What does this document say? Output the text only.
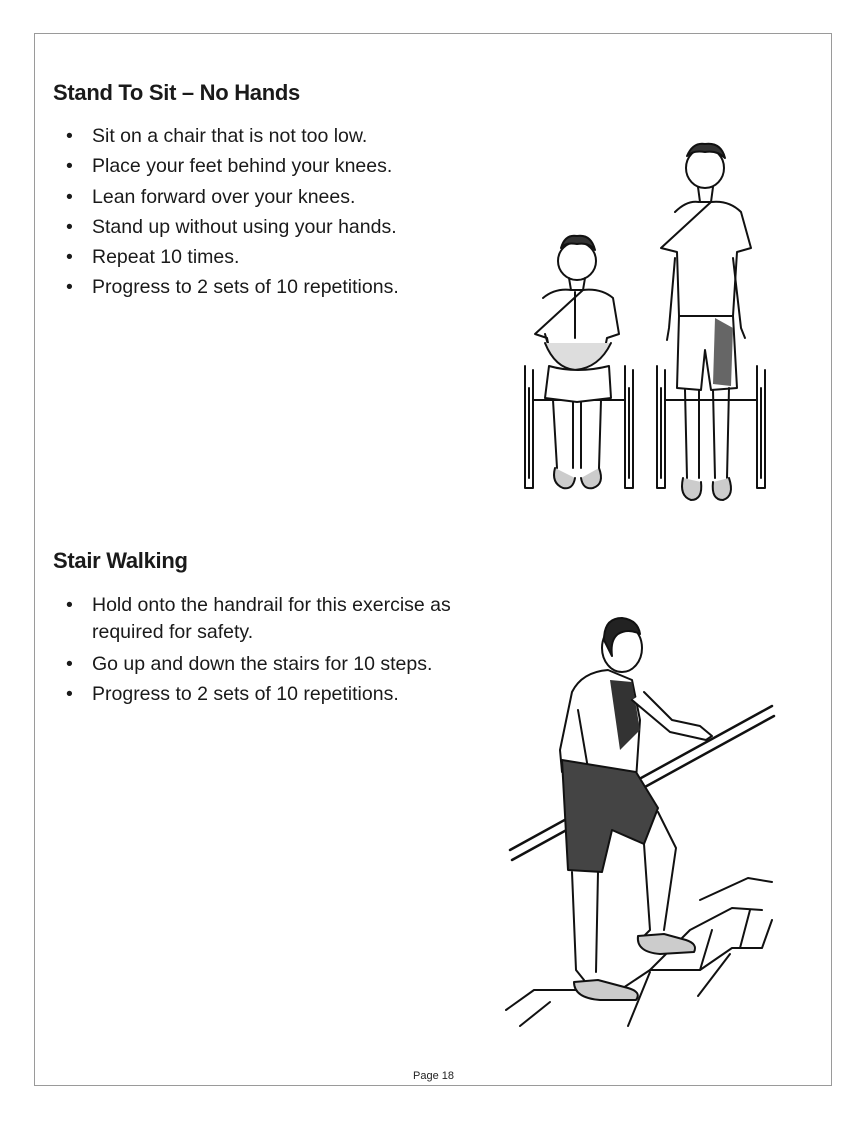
Stand To Sit – No Hands
• Sit on a chair that is not too low.
• Place your feet behind your knees.
• Lean forward over your knees.
• Stand up without using your hands.
• Repeat 10 times.
• Progress to 2 sets of 10 repetitions.
Stair Walking
• Hold onto the handrail for this exercise as required for safety.
• Go up and down the stairs for 10 steps.
• Progress to 2 sets of 10 repetitions.
Page 18
